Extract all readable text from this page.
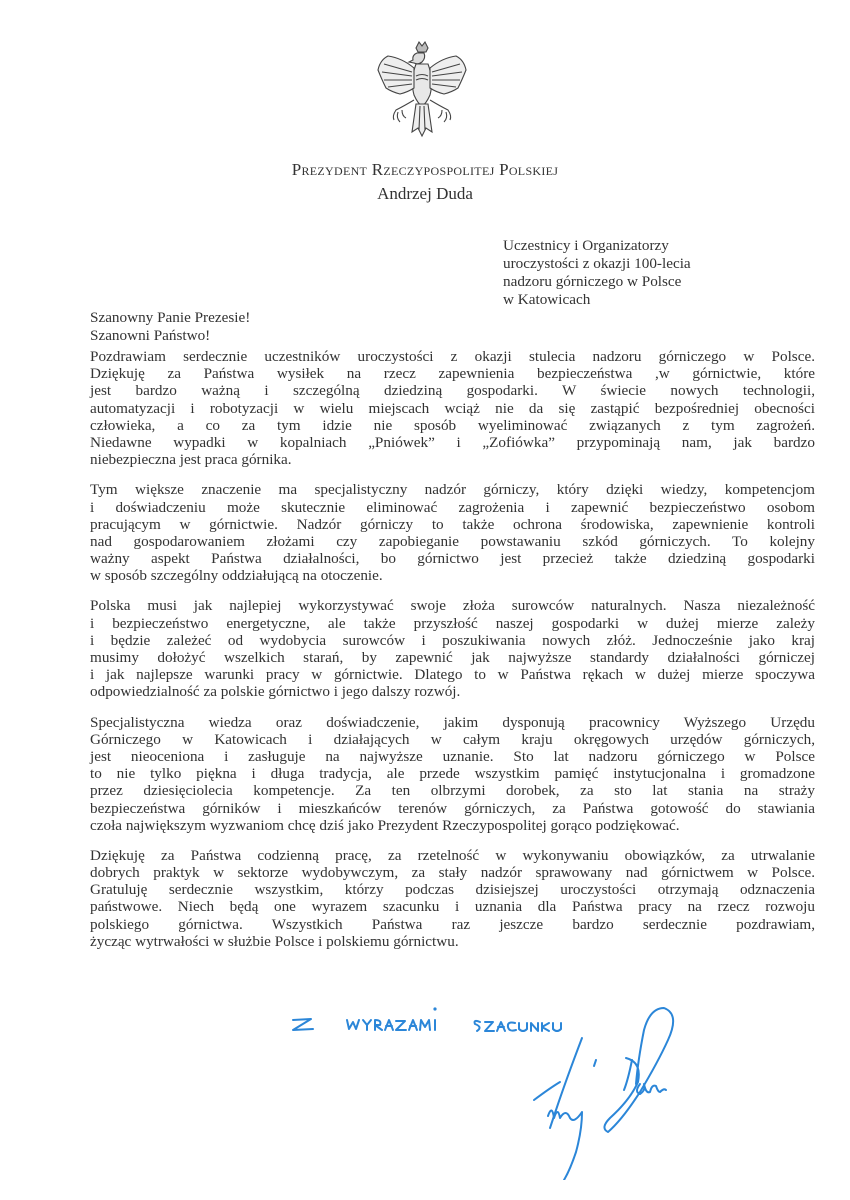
Prezydent Rzeczypospolitej Polskiej
Andrzej Duda
Uczestnicy i Organizatorzy
uroczystości z okazji 100-lecia
nadzoru górniczego w Polsce
w Katowicach
Szanowny Panie Prezesie!
Szanowni Państwo!
Pozdrawiam serdecznie uczestników uroczystości z okazji stulecia nadzoru górniczego w Polsce.
Dziękuję za Państwa wysiłek na rzecz zapewnienia bezpieczeństwa ,w górnictwie, które
jest bardzo ważną i szczególną dziedziną gospodarki. W świecie nowych technologii,
automatyzacji i robotyzacji w wielu miejscach wciąż nie da się zastąpić bezpośredniej obecności
człowieka, a co za tym idzie nie sposób wyeliminować związanych z tym zagrożeń.
Niedawne wypadki w kopalniach „Pniówek” i „Zofiówka” przypominają nam, jak bardzo
niebezpieczna jest praca górnika.
Tym większe znaczenie ma specjalistyczny nadzór górniczy, który dzięki wiedzy, kompetencjom
i doświadczeniu może skutecznie eliminować zagrożenia i zapewnić bezpieczeństwo osobom
pracującym w górnictwie. Nadzór górniczy to także ochrona środowiska, zapewnienie kontroli
nad gospodarowaniem złożami czy zapobieganie powstawaniu szkód górniczych. To kolejny
ważny aspekt Państwa działalności, bo górnictwo jest przecież także dziedziną gospodarki
w sposób szczególny oddziałującą na otoczenie.
Polska musi jak najlepiej wykorzystywać swoje złoża surowców naturalnych. Nasza niezależność
i bezpieczeństwo energetyczne, ale także przyszłość naszej gospodarki w dużej mierze zależy
i będzie zależeć od wydobycia surowców i poszukiwania nowych złóż. Jednocześnie jako kraj
musimy dołożyć wszelkich starań, by zapewnić jak najwyższe standardy działalności górniczej
i jak najlepsze warunki pracy w górnictwie. Dlatego to w Państwa rękach w dużej mierze spoczywa
odpowiedzialność za polskie górnictwo i jego dalszy rozwój.
Specjalistyczna wiedza oraz doświadczenie, jakim dysponują pracownicy Wyższego Urzędu
Górniczego w Katowicach i działających w całym kraju okręgowych urzędów górniczych,
jest nieoceniona i zasługuje na najwyższe uznanie. Sto lat nadzoru górniczego w Polsce
to nie tylko piękna i długa tradycja, ale przede wszystkim pamięć instytucjonalna i gromadzone
przez dziesięciolecia kompetencje. Za ten olbrzymi dorobek, za sto lat stania na straży
bezpieczeństwa górników i mieszkańców terenów górniczych, za Państwa gotowość do stawiania
czoła największym wyzwaniom chcę dziś jako Prezydent Rzeczypospolitej gorąco podziękować.
Dziękuję za Państwa codzienną pracę, za rzetelność w wykonywaniu obowiązków, za utrwalanie
dobrych praktyk w sektorze wydobywczym, za stały nadzór sprawowany nad górnictwem w Polsce.
Gratuluję serdecznie wszystkim, którzy podczas dzisiejszej uroczystości otrzymają odznaczenia
państwowe. Niech będą one wyrazem szacunku i uznania dla Państwa pracy na rzecz rozwoju
polskiego górnictwa. Wszystkich Państwa raz jeszcze bardzo serdecznie pozdrawiam,
życząc wytrwałości w służbie Polsce i polskiemu górnictwu.
